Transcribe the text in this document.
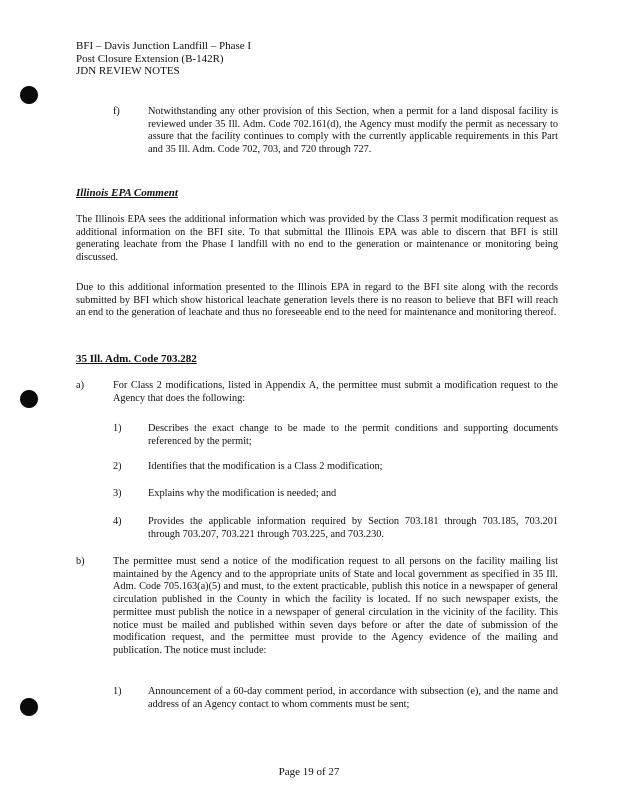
BFI – Davis Junction Landfill – Phase I
Post Closure Extension (B-142R)
JDN REVIEW NOTES
f)	Notwithstanding any other provision of this Section, when a permit for a land disposal facility is reviewed under 35 Ill. Adm. Code 702.161(d), the Agency must modify the permit as necessary to assure that the facility continues to comply with the currently applicable requirements in this Part and 35 Ill. Adm. Code 702, 703, and 720 through 727.
Illinois EPA Comment
The Illinois EPA sees the additional information which was provided by the Class 3 permit modification request as additional information on the BFI site. To that submittal the Illinois EPA was able to discern that BFI is still generating leachate from the Phase I landfill with no end to the generation or maintenance or monitoring being discussed.
Due to this additional information presented to the Illinois EPA in regard to the BFI site along with the records submitted by BFI which show historical leachate generation levels there is no reason to believe that BFI will reach an end to the generation of leachate and thus no foreseeable end to the need for maintenance and monitoring thereof.
35 Ill. Adm. Code 703.282
a)	For Class 2 modifications, listed in Appendix A, the permittee must submit a modification request to the Agency that does the following:
1)	Describes the exact change to be made to the permit conditions and supporting documents referenced by the permit;
2)	Identifies that the modification is a Class 2 modification;
3)	Explains why the modification is needed; and
4)	Provides the applicable information required by Section 703.181 through 703.185, 703.201 through 703.207, 703.221 through 703.225, and 703.230.
b)	The permittee must send a notice of the modification request to all persons on the facility mailing list maintained by the Agency and to the appropriate units of State and local government as specified in 35 Ill. Adm. Code 705.163(a)(5) and must, to the extent practicable, publish this notice in a newspaper of general circulation published in the County in which the facility is located. If no such newspaper exists, the permittee must publish the notice in a newspaper of general circulation in the vicinity of the facility. This notice must be mailed and published within seven days before or after the date of submission of the modification request, and the permittee must provide to the Agency evidence of the mailing and publication. The notice must include:
1)	Announcement of a 60-day comment period, in accordance with subsection (e), and the name and address of an Agency contact to whom comments must be sent;
Page 19 of 27
